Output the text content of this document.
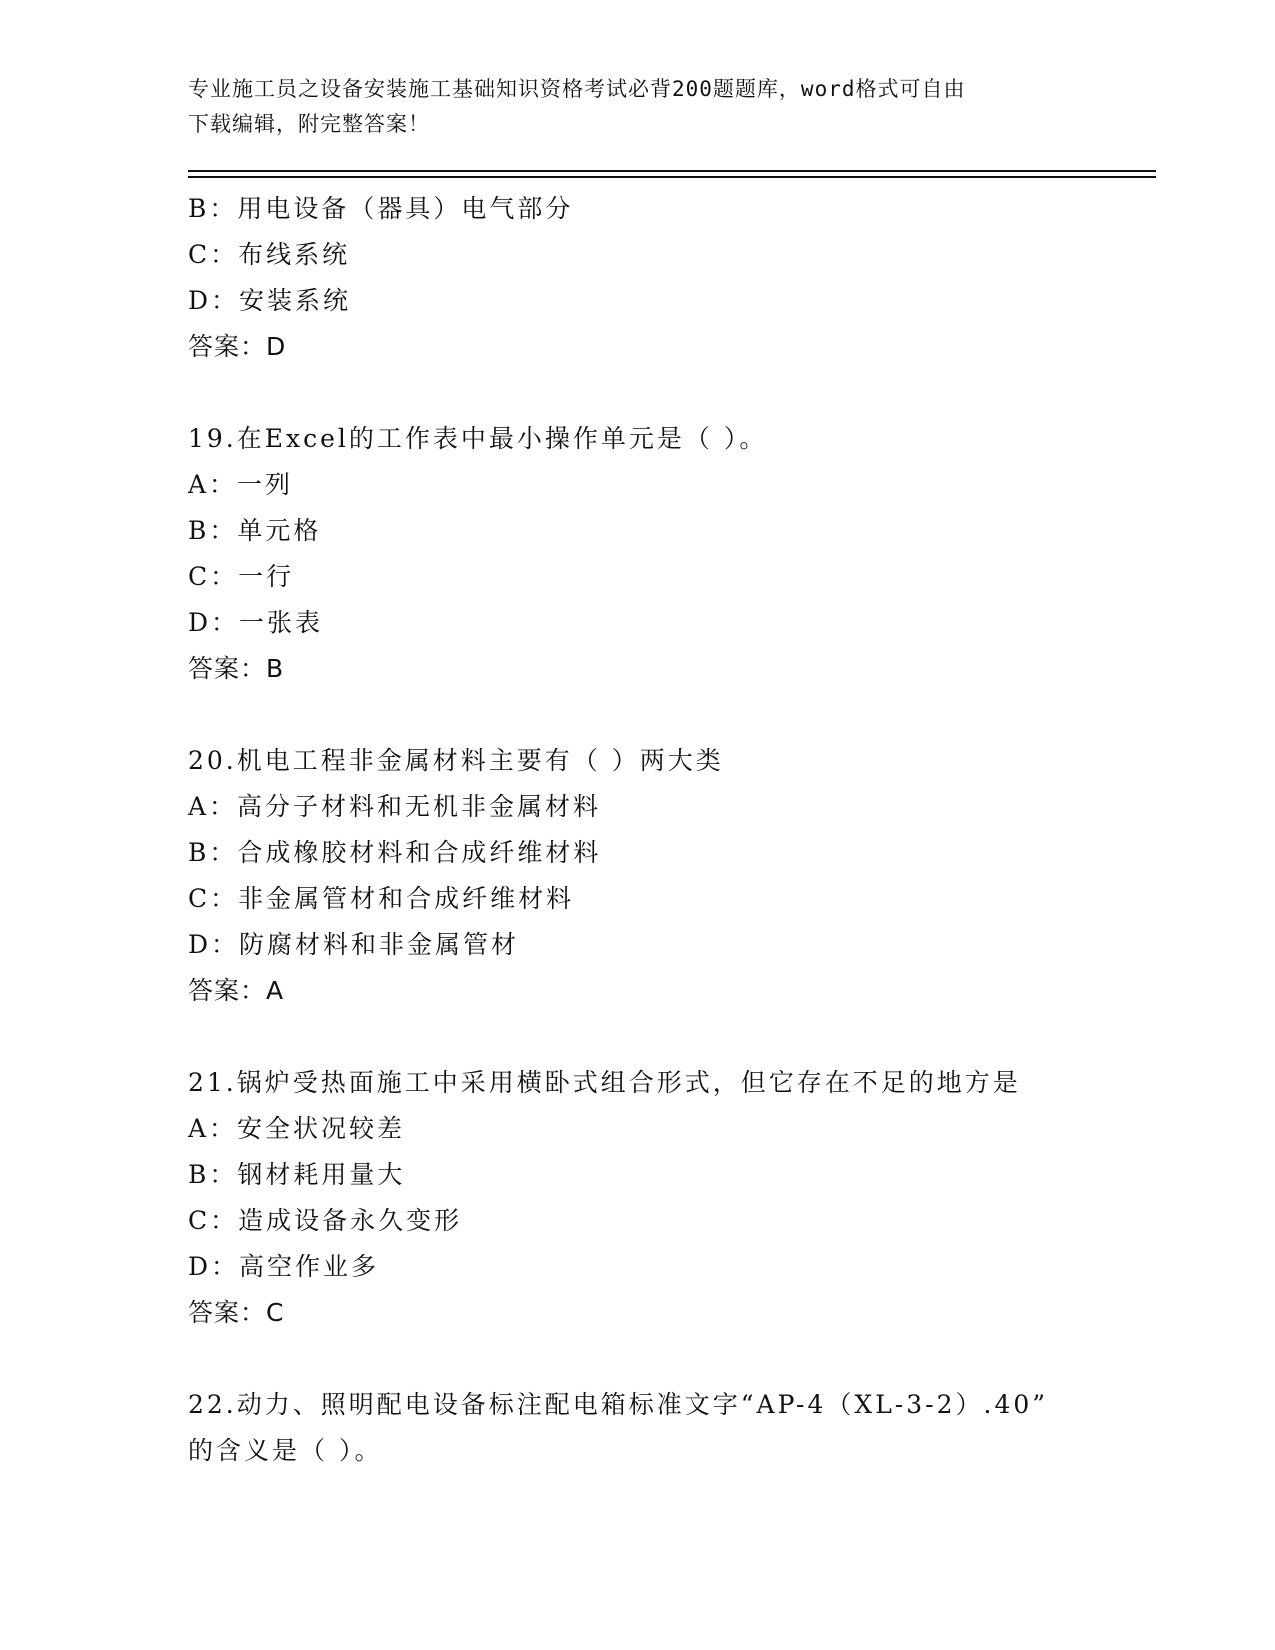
专业施工员之设备安装施工基础知识资格考试必背200题题库，word格式可自由
下载编辑，附完整答案！
B：用电设备（器具）电气部分
C：布线系统
D：安装系统
答案：D
19.在Excel的工作表中最小操作单元是（ ）。
A：一列
B：单元格
C：一行
D：一张表
答案：B
20.机电工程非金属材料主要有（ ）两大类
A：高分子材料和无机非金属材料
B：合成橡胶材料和合成纤维材料
C：非金属管材和合成纤维材料
D：防腐材料和非金属管材
答案：A
21.锅炉受热面施工中采用横卧式组合形式，但它存在不足的地方是
A：安全状况较差
B：钢材耗用量大
C：造成设备永久变形
D：高空作业多
答案：C
22.动力、照明配电设备标注配电箱标准文字“AP-4（XL-3-2）.40”
的含义是（ ）。
